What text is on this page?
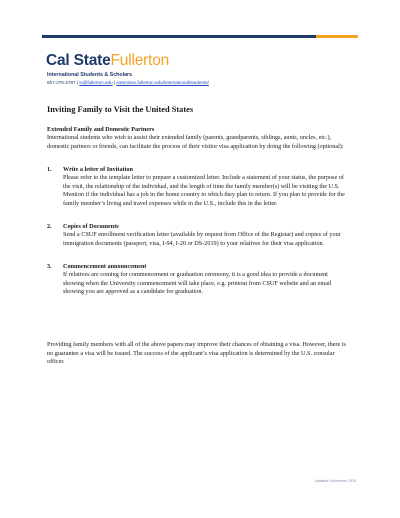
Cal StateFullerton
International Students & Scholars
657-278-2787 | is@fullerton.edu | extension.fullerton.edu/international/students/
Inviting Family to Visit the United States
Extended Family and Domestic Partners

International students who wish to assist their extended family (parents, grandparents, siblings, aunts, uncles, etc.), domestic partners or friends, can facilitate the process of their visitor visa application by doing the following (optional):

1. Write a letter of Invitation

Please refer to the template letter to prepare a customized letter. Include a statement of your status, the purpose of the visit, the relationship of the individual, and the length of time the family member(s) will be visiting the U.S. Mention if the individual has a job in the home country to which they plan to return. If you plan to provide for the family member’s living and travel expenses while in the U.S., include this in the letter.

2. Copies of Documents

Send a CSUF enrollment verification letter (available by request from Office of the Registar) and copies of your immigration documents (passport, visa, I-94, I-20 or DS-2019) to your relatives for their visa application.

3. Commencement announcement

If relatives are coming for commencement or graduation ceremony, it is a good idea to provide a document showing when the University commencement will take place, e.g. printout from CSUF website and an email showing you are approved as a candidate for graduation.

Providing family members with all of the above papers may improve their chances of obtaining a visa. However, there is no guarantee a visa will be issued. The success of the applicant’s visa application is determined by the U.S. consular officer.

Updated: November 2015
